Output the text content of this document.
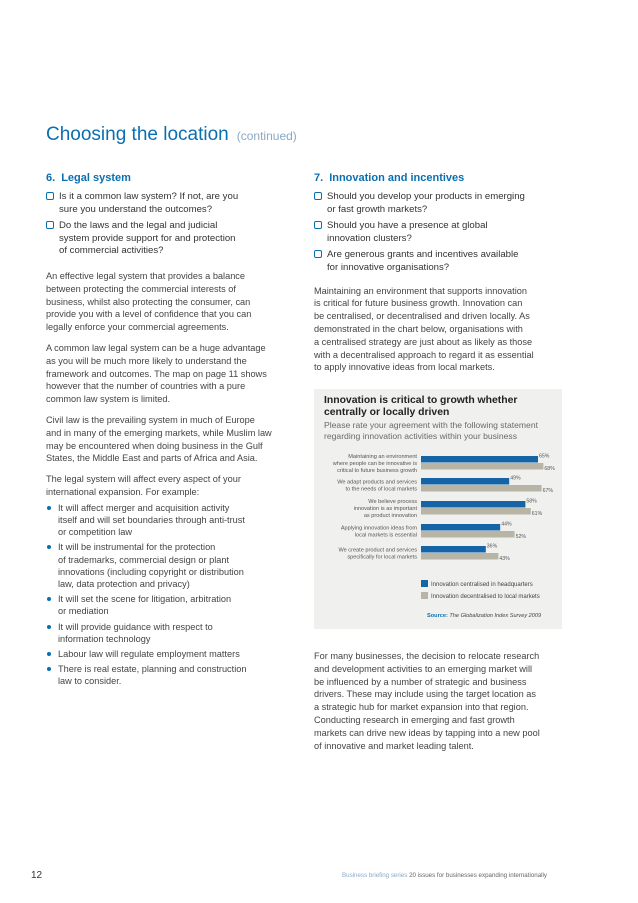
Choosing the location (continued)
6. Legal system
Is it a common law system? If not, are you
sure you understand the outcomes?
Do the laws and the legal and judicial
system provide support for and protection
of commercial activities?
An effective legal system that provides a balance
between protecting the commercial interests of
business, whilst also protecting the consumer, can
provide you with a level of confidence that you can
legally enforce your commercial agreements.
A common law legal system can be a huge advantage
as you will be much more likely to understand the
framework and outcomes. The map on page 11 shows
however that the number of countries with a pure
common law system is limited.
Civil law is the prevailing system in much of Europe
and in many of the emerging markets, while Muslim law
may be encountered when doing business in the Gulf
States, the Middle East and parts of Africa and Asia.
The legal system will affect every aspect of your
international expansion. For example:
It will affect merger and acquisition activity
itself and will set boundaries through anti-trust
or competition law
It will be instrumental for the protection
of trademarks, commercial design or plant
innovations (including copyright or distribution
law, data protection and privacy)
It will set the scene for litigation, arbitration
or mediation
It will provide guidance with respect to
information technology
Labour law will regulate employment matters
There is real estate, planning and construction
law to consider.
7. Innovation and incentives
Should you develop your products in emerging
or fast growth markets?
Should you have a presence at global
innovation clusters?
Are generous grants and incentives available
for innovative organisations?
Maintaining an environment that supports innovation
is critical for future business growth. Innovation can
be centralised, or decentralised and driven locally. As
demonstrated in the chart below, organisations with
a centralised strategy are just about as likely as those
with a decentralised approach to regard it as essential
to apply innovative ideas from local markets.
Innovation is critical to growth whether
centrally or locally driven
Please rate your agreement with the following statement
regarding innovation activities within your business
Maintaining an environment
where people can be innovative is
critical to future business growth
65%
68%
We adapt products and services
to the needs of local markets
49%
67%
We believe process
innovation is as important
as product innovation
58%
61%
Applying innovation ideas from
local markets is essential
44%
52%
We create product and services
specifically for local markets
36%
43%
Innovation centralised in headquarters
Innovation decentralised to local markets
Source: The Globalization Index Survey 2009
For many businesses, the decision to relocate research
and development activities to an emerging market will
be influenced by a number of strategic and business
drivers. These may include using the target location as
a strategic hub for market expansion into that region.
Conducting research in emerging and fast growth
markets can drive new ideas by tapping into a new pool
of innovative and market leading talent.
12	Business briefing series 20 issues for businesses expanding internationally
